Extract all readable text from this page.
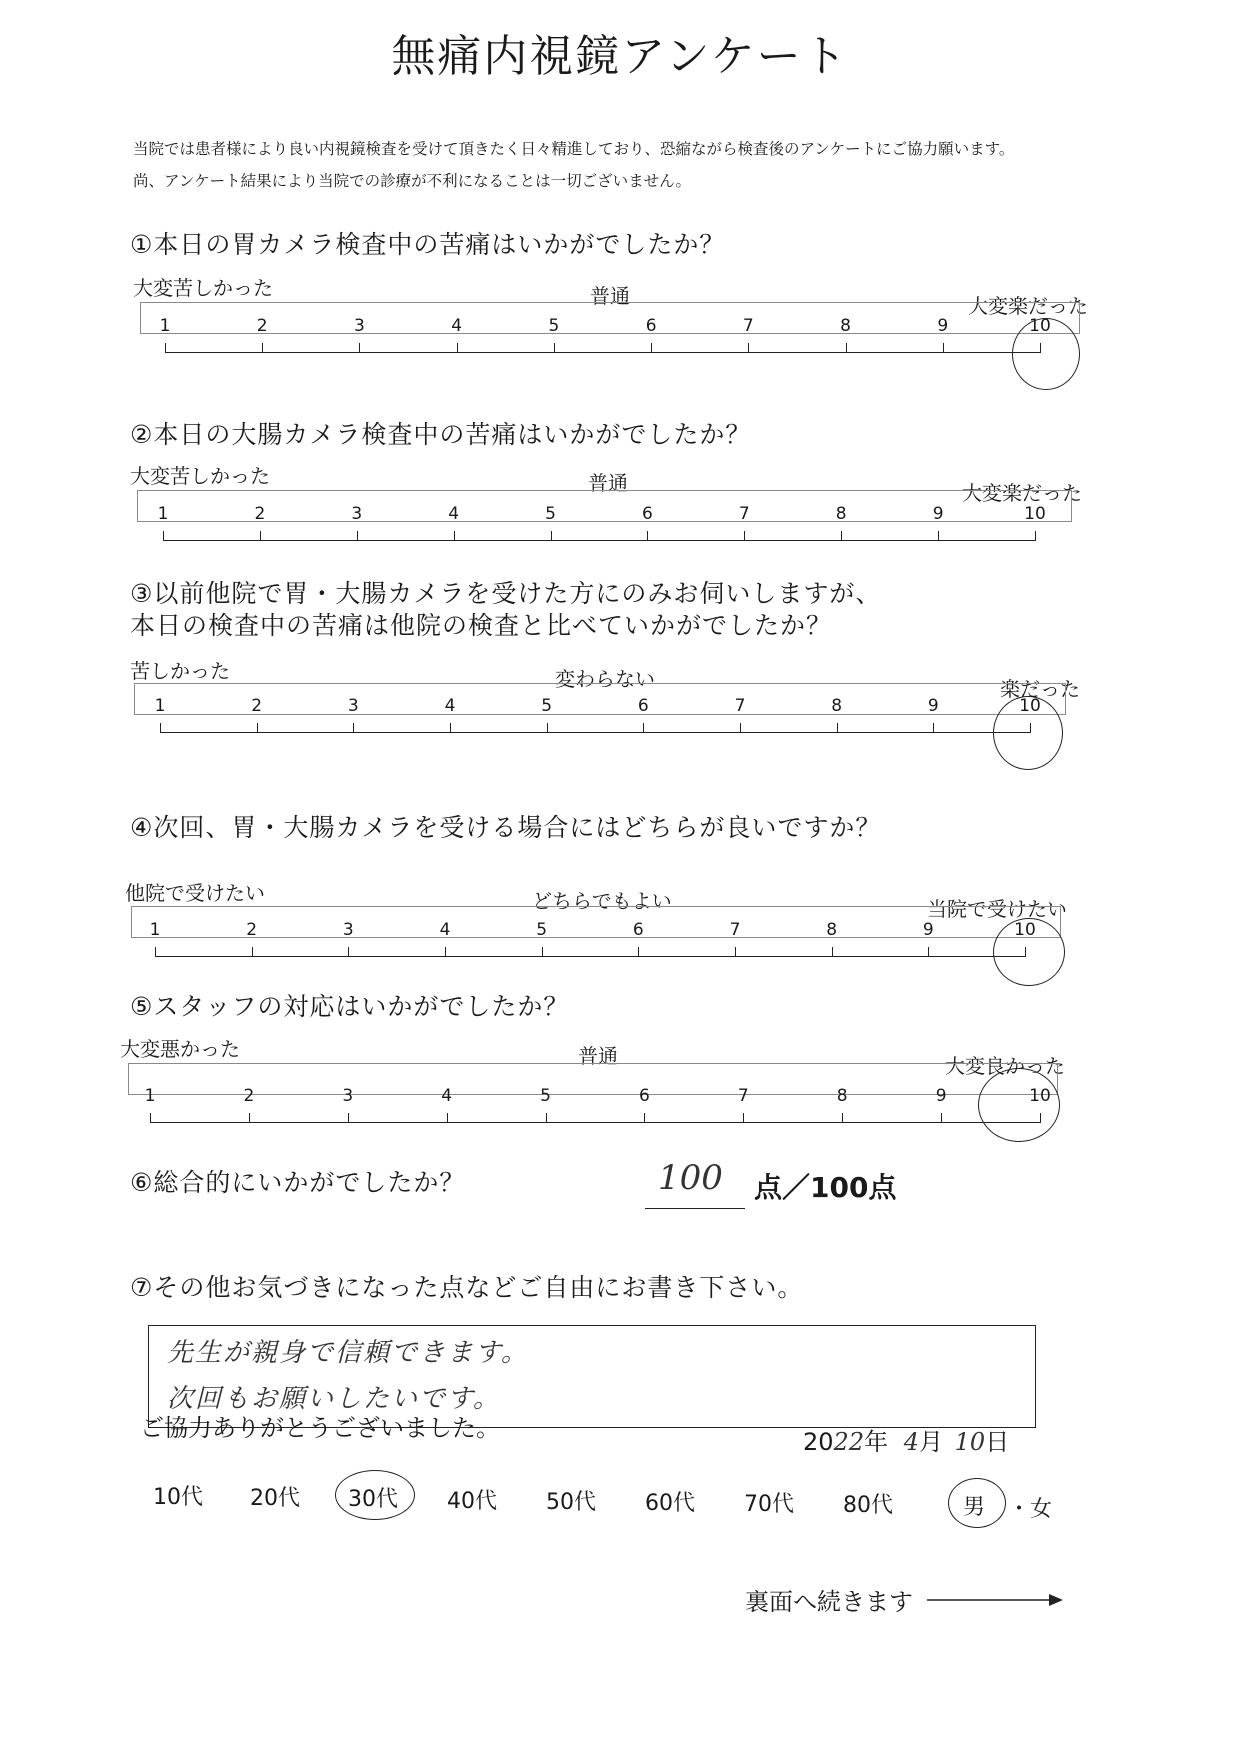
無痛内視鏡アンケート
当院では患者様により良い内視鏡検査を受けて頂きたく日々精進しており、恐縮ながら検査後のアンケートにご協力願います。
尚、アンケート結果により当院での診療が不利になることは一切ございません。
①本日の胃カメラ検査中の苦痛はいかがでしたか？
大変苦しかった	普通	大変楽だった
1	2	3	4	5	6	7	8	9	10
②本日の大腸カメラ検査中の苦痛はいかがでしたか？
大変苦しかった	普通	大変楽だった
1	2	3	4	5	6	7	8	9	10
③以前他院で胃・大腸カメラを受けた方にのみお伺いしますが、
本日の検査中の苦痛は他院の検査と比べていかがでしたか？
苦しかった	変わらない	楽だった
1	2	3	4	5	6	7	8	9	10
④次回、胃・大腸カメラを受ける場合にはどちらが良いですか？
他院で受けたい	どちらでもよい	当院で受けたい
1	2	3	4	5	6	7	8	9	10
⑤スタッフの対応はいかがでしたか？
大変悪かった	普通	大変良かった
1	2	3	4	5	6	7	8	9	10
⑥総合的にいかがでしたか？	100 点／100点
⑦その他お気づきになった点などご自由にお書き下さい。
先生が親身で信頼できます。
次回もお願いしたいです。
ご協力ありがとうございました。	2022年 4月 10日
10代 20代 30代 40代 50代 60代 70代 80代	男 ・ 女
裏面へ続きます
